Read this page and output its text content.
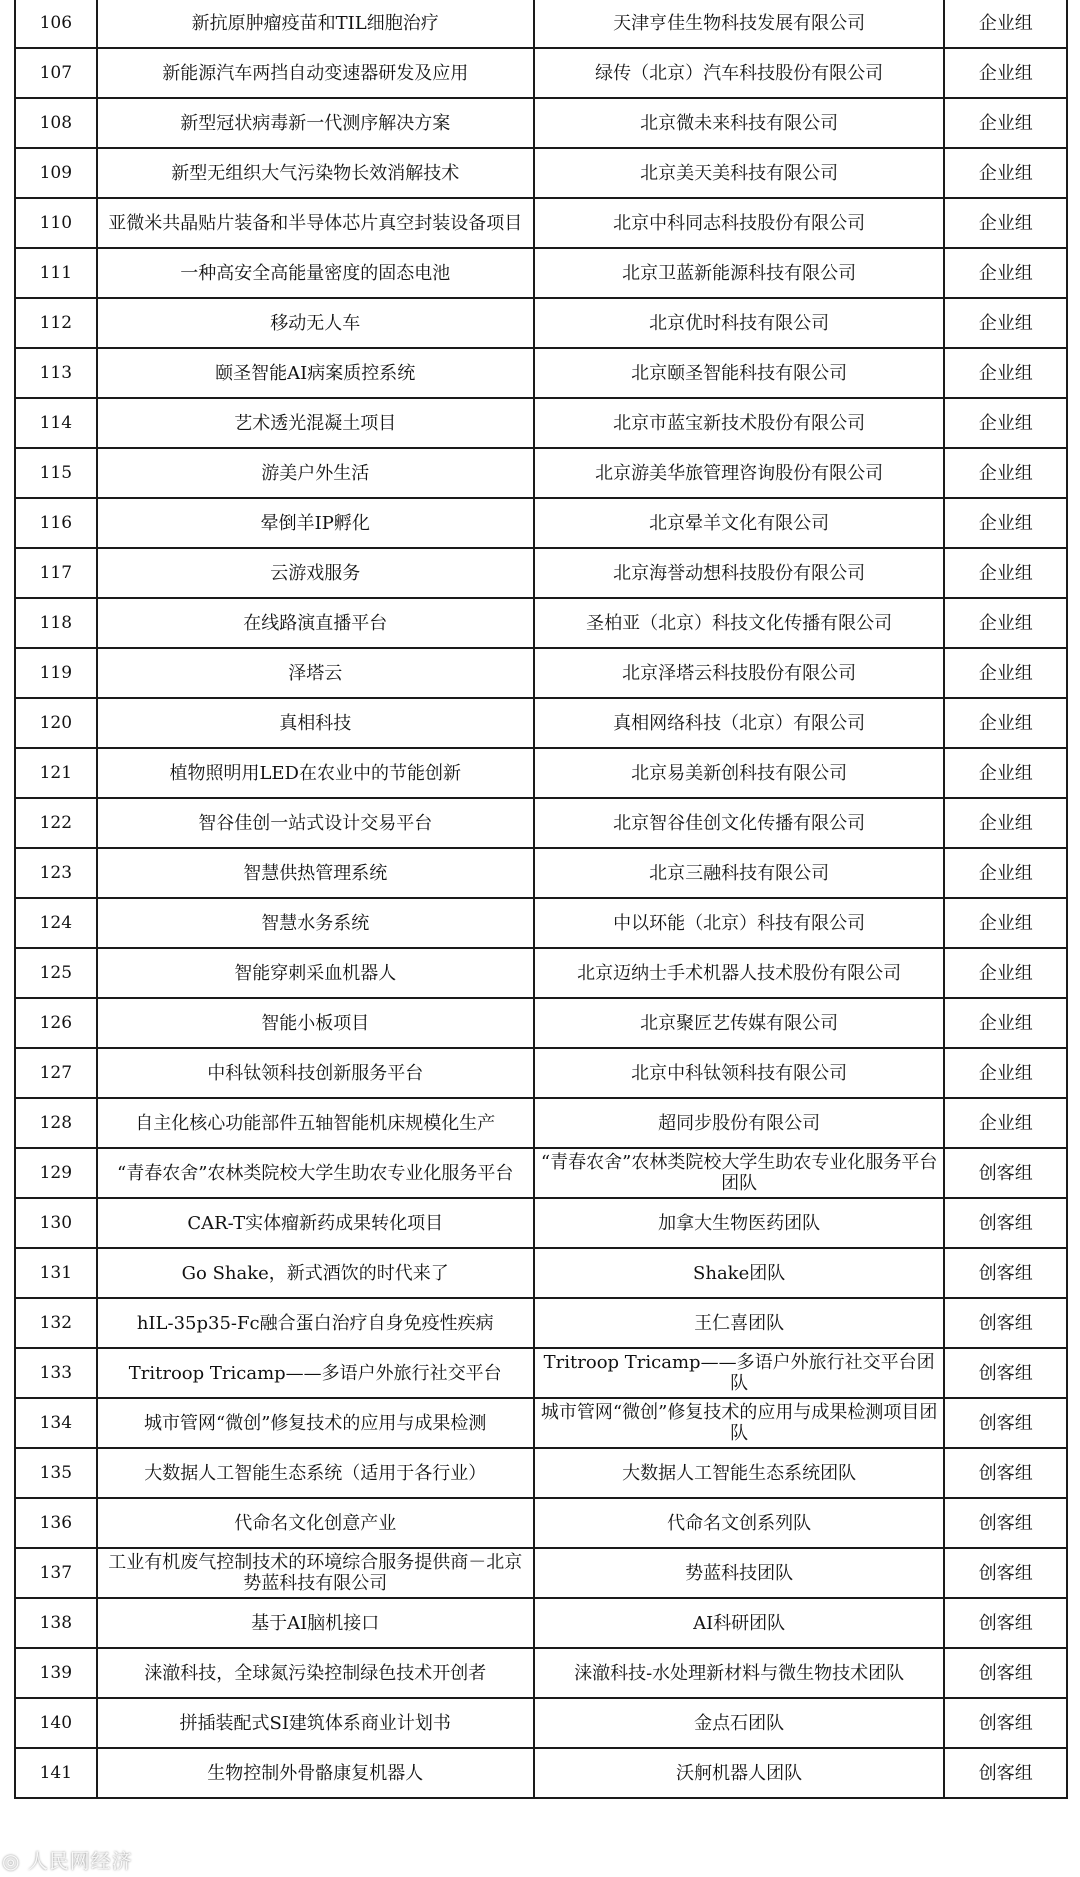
106	新抗原肿瘤疫苗和TIL细胞治疗	天津亨佳生物科技发展有限公司	企业组
107	新能源汽车两挡自动变速器研发及应用	绿传（北京）汽车科技股份有限公司	企业组
108	新型冠状病毒新一代测序解决方案	北京微未来科技有限公司	企业组
109	新型无组织大气污染物长效消解技术	北京美天美科技有限公司	企业组
110	亚微米共晶贴片装备和半导体芯片真空封装设备项目	北京中科同志科技股份有限公司	企业组
111	一种高安全高能量密度的固态电池	北京卫蓝新能源科技有限公司	企业组
112	移动无人车	北京优时科技有限公司	企业组
113	颐圣智能AI病案质控系统	北京颐圣智能科技有限公司	企业组
114	艺术透光混凝土项目	北京市蓝宝新技术股份有限公司	企业组
115	游美户外生活	北京游美华旅管理咨询股份有限公司	企业组
116	晕倒羊IP孵化	北京晕羊文化有限公司	企业组
117	云游戏服务	北京海誉动想科技股份有限公司	企业组
118	在线路演直播平台	圣柏亚（北京）科技文化传播有限公司	企业组
119	泽塔云	北京泽塔云科技股份有限公司	企业组
120	真相科技	真相网络科技（北京）有限公司	企业组
121	植物照明用LED在农业中的节能创新	北京易美新创科技有限公司	企业组
122	智谷佳创一站式设计交易平台	北京智谷佳创文化传播有限公司	企业组
123	智慧供热管理系统	北京三融科技有限公司	企业组
124	智慧水务系统	中以环能（北京）科技有限公司	企业组
125	智能穿刺采血机器人	北京迈纳士手术机器人技术股份有限公司	企业组
126	智能小板项目	北京聚匠艺传媒有限公司	企业组
127	中科钛领科技创新服务平台	北京中科钛领科技有限公司	企业组
128	自主化核心功能部件五轴智能机床规模化生产	超同步股份有限公司	企业组
129	“青春农舍”农林类院校大学生助农专业化服务平台	“青春农舍”农林类院校大学生助农专业化服务平台团队	创客组
130	CAR-T实体瘤新药成果转化项目	加拿大生物医药团队	创客组
131	Go Shake，新式酒饮的时代来了	Shake团队	创客组
132	hIL-35p35-Fc融合蛋白治疗自身免疫性疾病	王仁喜团队	创客组
133	Tritroop Tricamp——多语户外旅行社交平台	Tritroop Tricamp——多语户外旅行社交平台团队	创客组
134	城市管网“微创”修复技术的应用与成果检测	城市管网“微创”修复技术的应用与成果检测项目团队	创客组
135	大数据人工智能生态系统（适用于各行业）	大数据人工智能生态系统团队	创客组
136	代命名文化创意产业	代命名文创系列队	创客组
137	工业有机废气控制技术的环境综合服务提供商－北京势蓝科技有限公司	势蓝科技团队	创客组
138	基于AI脑机接口	AI科研团队	创客组
139	涞澈科技，全球氮污染控制绿色技术开创者	涞澈科技-水处理新材料与微生物技术团队	创客组
140	拼插装配式SI建筑体系商业计划书	金点石团队	创客组
141	生物控制外骨骼康复机器人	沃舸机器人团队	创客组
◎ 人民网经济
